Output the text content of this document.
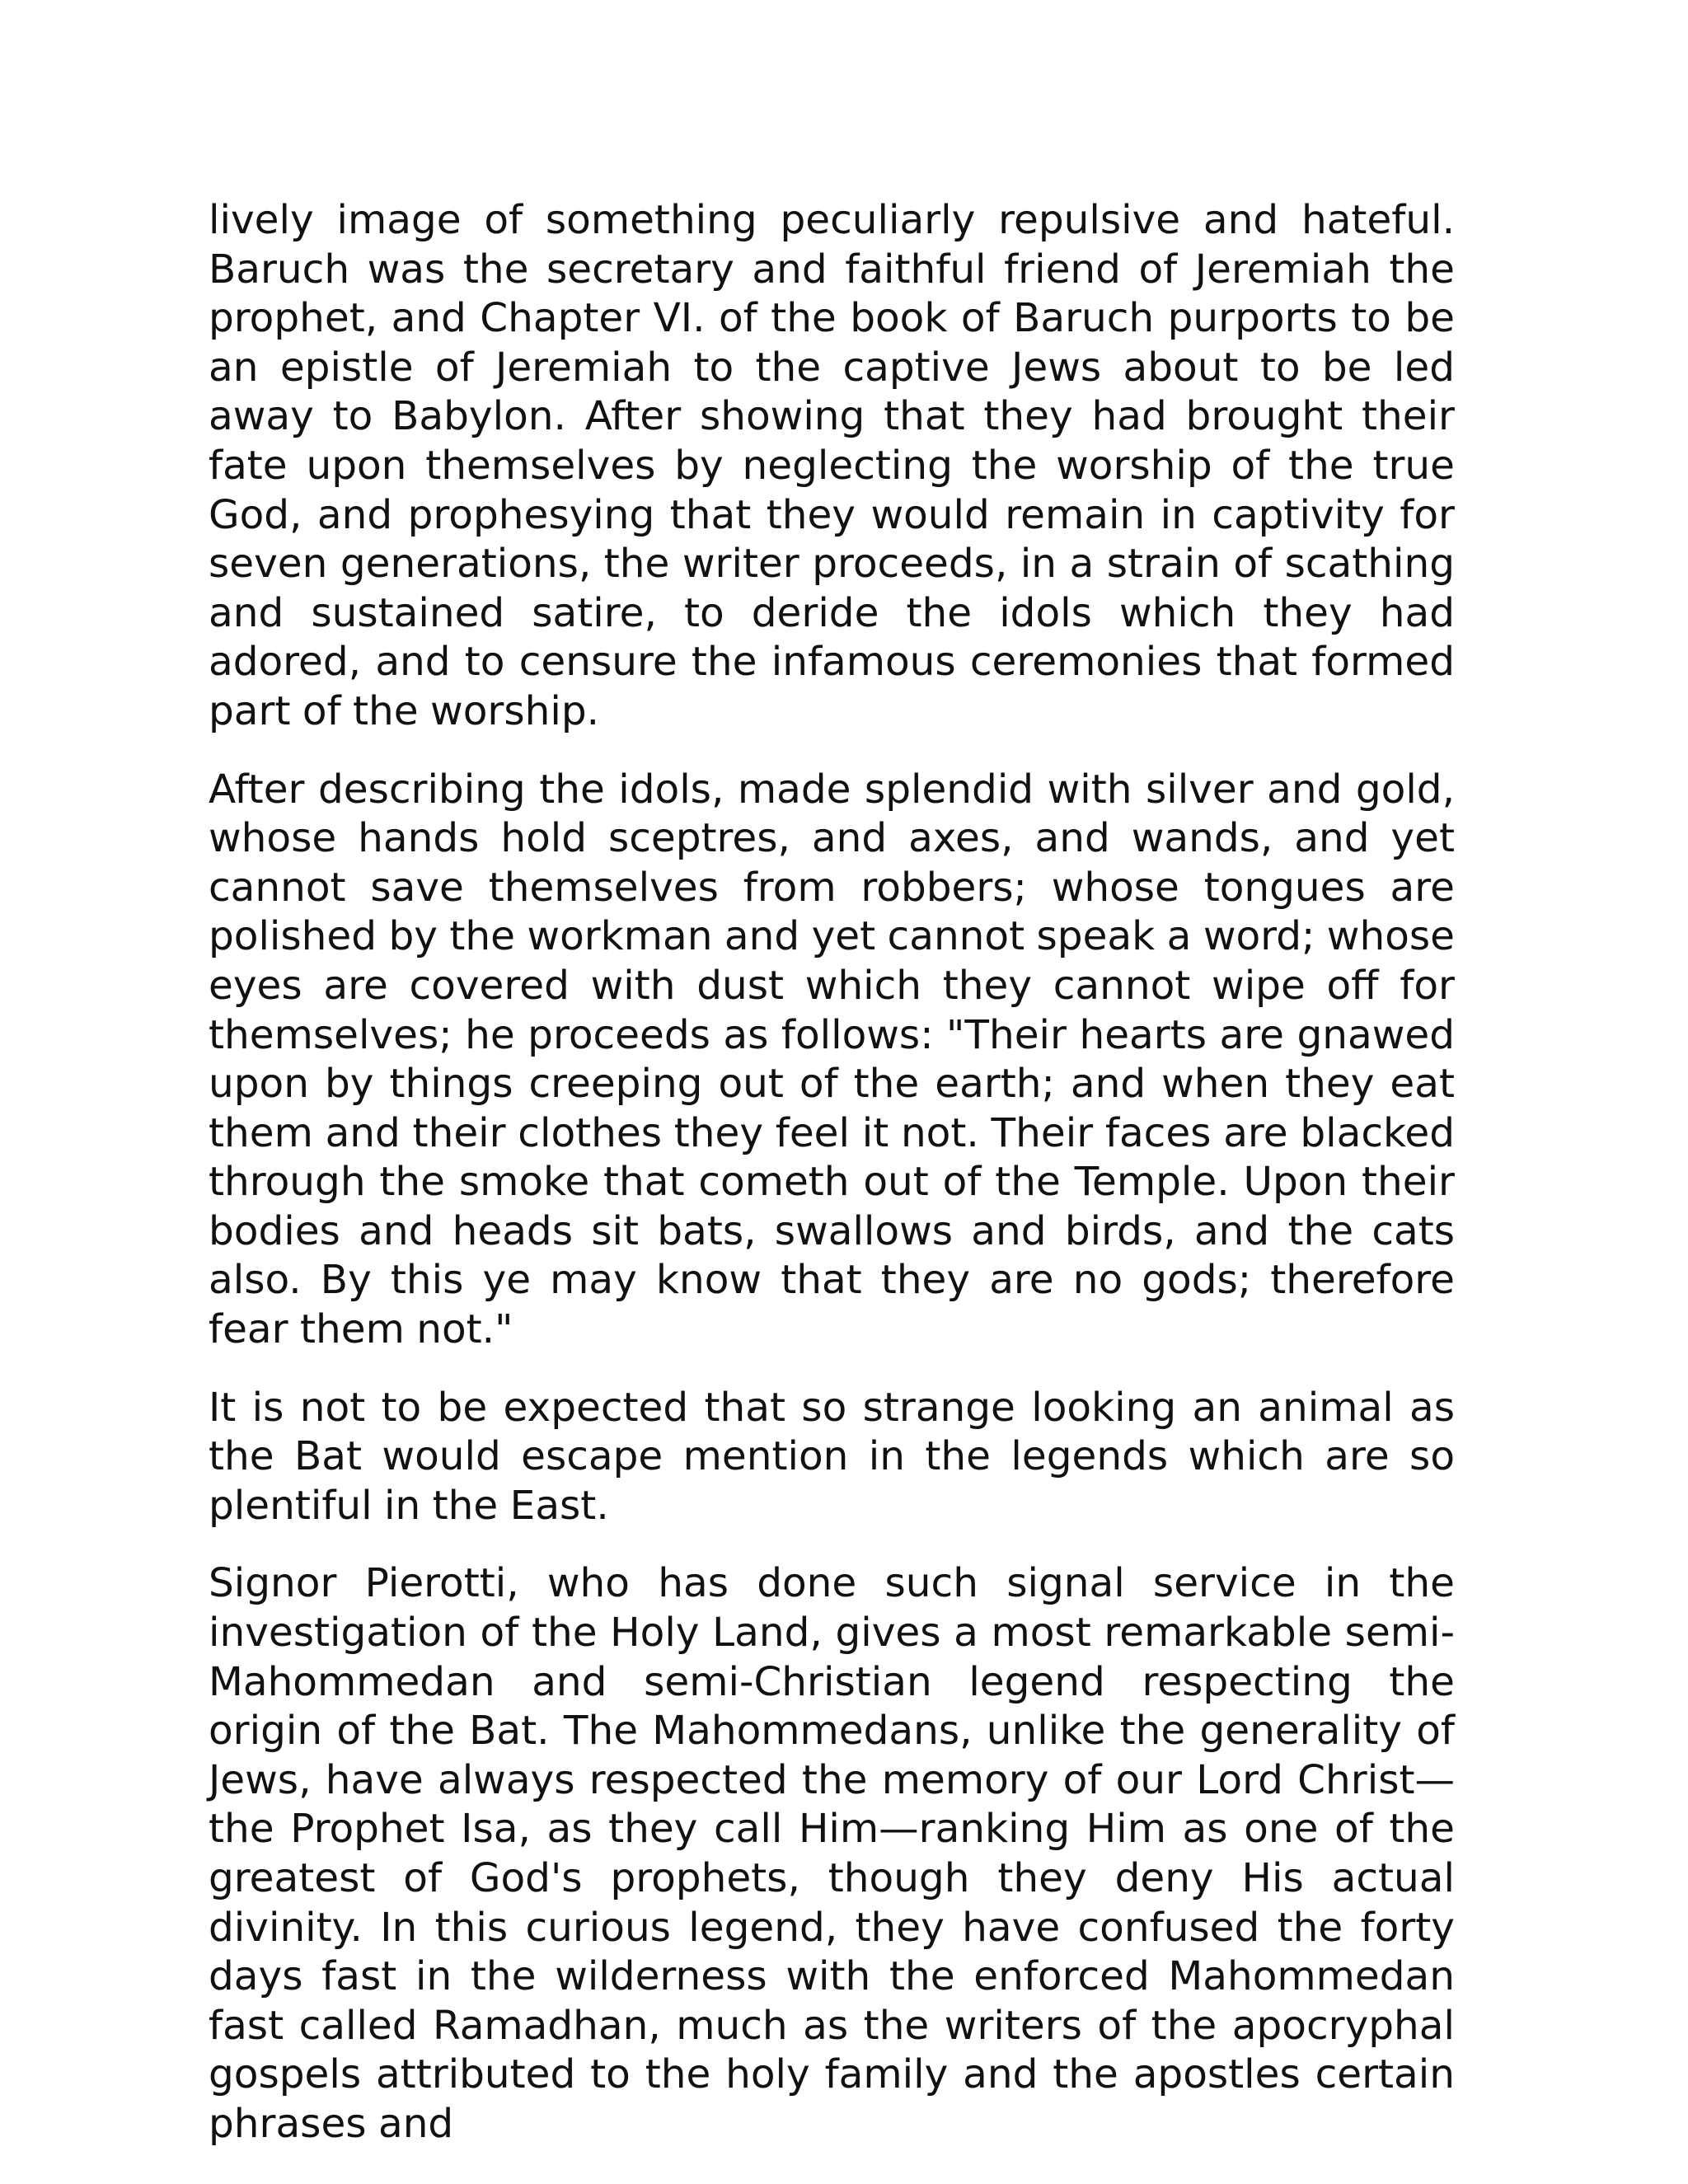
lively image of something peculiarly repulsive and hateful. Baruch was the secretary and faithful friend of Jeremiah the prophet, and Chapter VI. of the book of Baruch purports to be an epistle of Jeremiah to the captive Jews about to be led away to Babylon. After showing that they had brought their fate upon themselves by neglecting the worship of the true God, and prophesying that they would remain in captivity for seven generations, the writer proceeds, in a strain of scathing and sustained satire, to deride the idols which they had adored, and to censure the infamous ceremonies that formed part of the worship.

After describing the idols, made splendid with silver and gold, whose hands hold sceptres, and axes, and wands, and yet cannot save themselves from robbers; whose tongues are polished by the workman and yet cannot speak a word; whose eyes are covered with dust which they cannot wipe off for themselves; he proceeds as follows: "Their hearts are gnawed upon by things creeping out of the earth; and when they eat them and their clothes they feel it not. Their faces are blacked through the smoke that cometh out of the Temple. Upon their bodies and heads sit bats, swallows and birds, and the cats also. By this ye may know that they are no gods; therefore fear them not."

It is not to be expected that so strange looking an animal as the Bat would escape mention in the legends which are so plentiful in the East.

Signor Pierotti, who has done such signal service in the investigation of the Holy Land, gives a most remarkable semi-Mahommedan and semi-Christian legend respecting the origin of the Bat. The Mahommedans, unlike the generality of Jews, have always respected the memory of our Lord Christ—the Prophet Isa, as they call Him—ranking Him as one of the greatest of God's prophets, though they deny His actual divinity. In this curious legend, they have confused the forty days fast in the wilderness with the enforced Mahommedan fast called Ramadhan, much as the writers of the apocryphal gospels attributed to the holy family and the apostles certain phrases and
